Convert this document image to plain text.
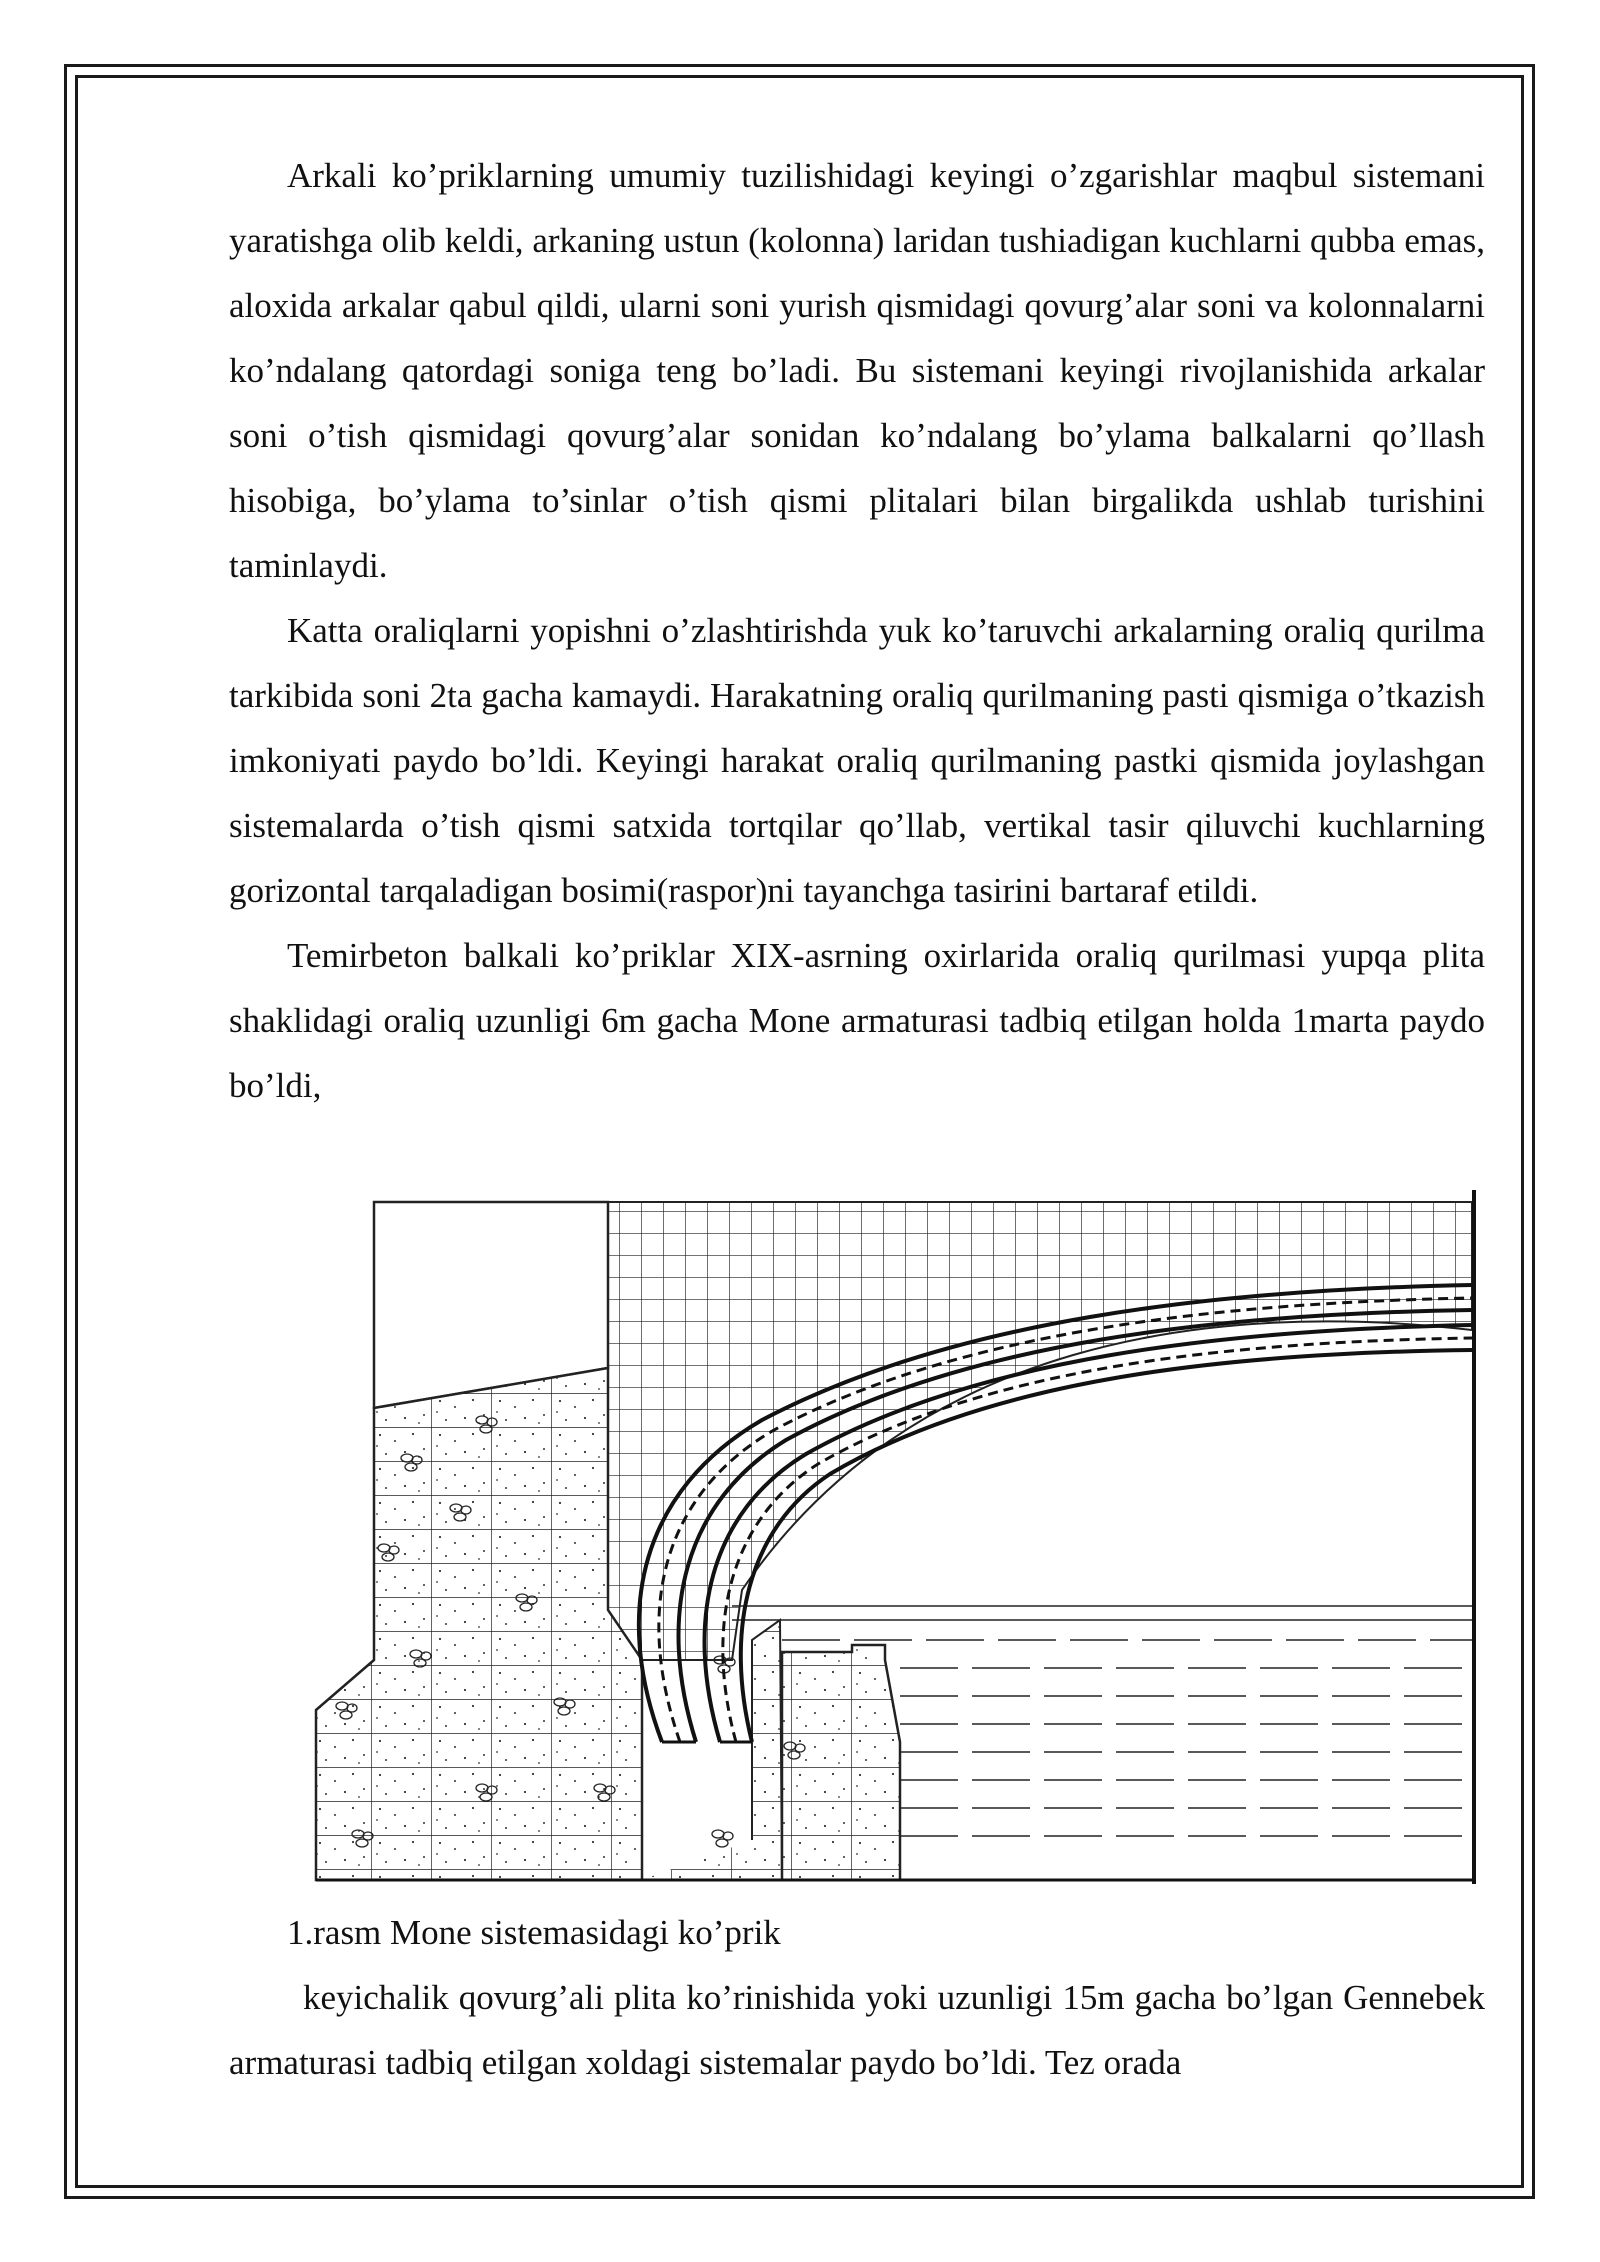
Arkali ko’priklarning umumiy tuzilishidagi keyingi o’zgarishlar maqbul sistemani yaratishga olib keldi, arkaning ustun (kolonna) laridan tushiadigan kuchlarni qubba emas, aloxida arkalar qabul qildi, ularni soni yurish qismidagi qovurg’alar soni va kolonnalarni ko’ndalang qatordagi soniga teng bo’ladi. Bu sistemani keyingi rivojlanishida arkalar soni o’tish qismidagi qovurg’alar sonidan ko’ndalang bo’ylama balkalarni qo’llash hisobiga, bo’ylama to’sinlar o’tish qismi plitalari bilan birgalikda ushlab turishini taminlaydi.

Katta oraliqlarni yopishni o’zlashtirishda yuk ko’taruvchi arkalarning oraliq qurilma tarkibida soni 2ta gacha kamaydi. Harakatning oraliq qurilmaning pasti qismiga o’tkazish imkoniyati paydo bo’ldi. Keyingi harakat oraliq qurilmaning pastki qismida joylashgan sistemalarda o’tish qismi satxida tortqilar qo’llab, vertikal tasir qiluvchi kuchlarning gorizontal tarqaladigan bosimi(raspor)ni tayanchga tasirini bartaraf etildi.

Temirbeton balkali ko’priklar XIX-asrning oxirlarida oraliq qurilmasi yupqa plita shaklidagi oraliq uzunligi 6m gacha Mone armaturasi tadbiq etilgan holda 1marta paydo bo’ldi,

1.rasm Mone sistemasidagi ko’prik

keyichalik qovurg’ali plita ko’rinishida yoki uzunligi 15m gacha bo’lgan Gennebek armaturasi tadbiq etilgan xoldagi sistemalar paydo bo’ldi. Tez orada
